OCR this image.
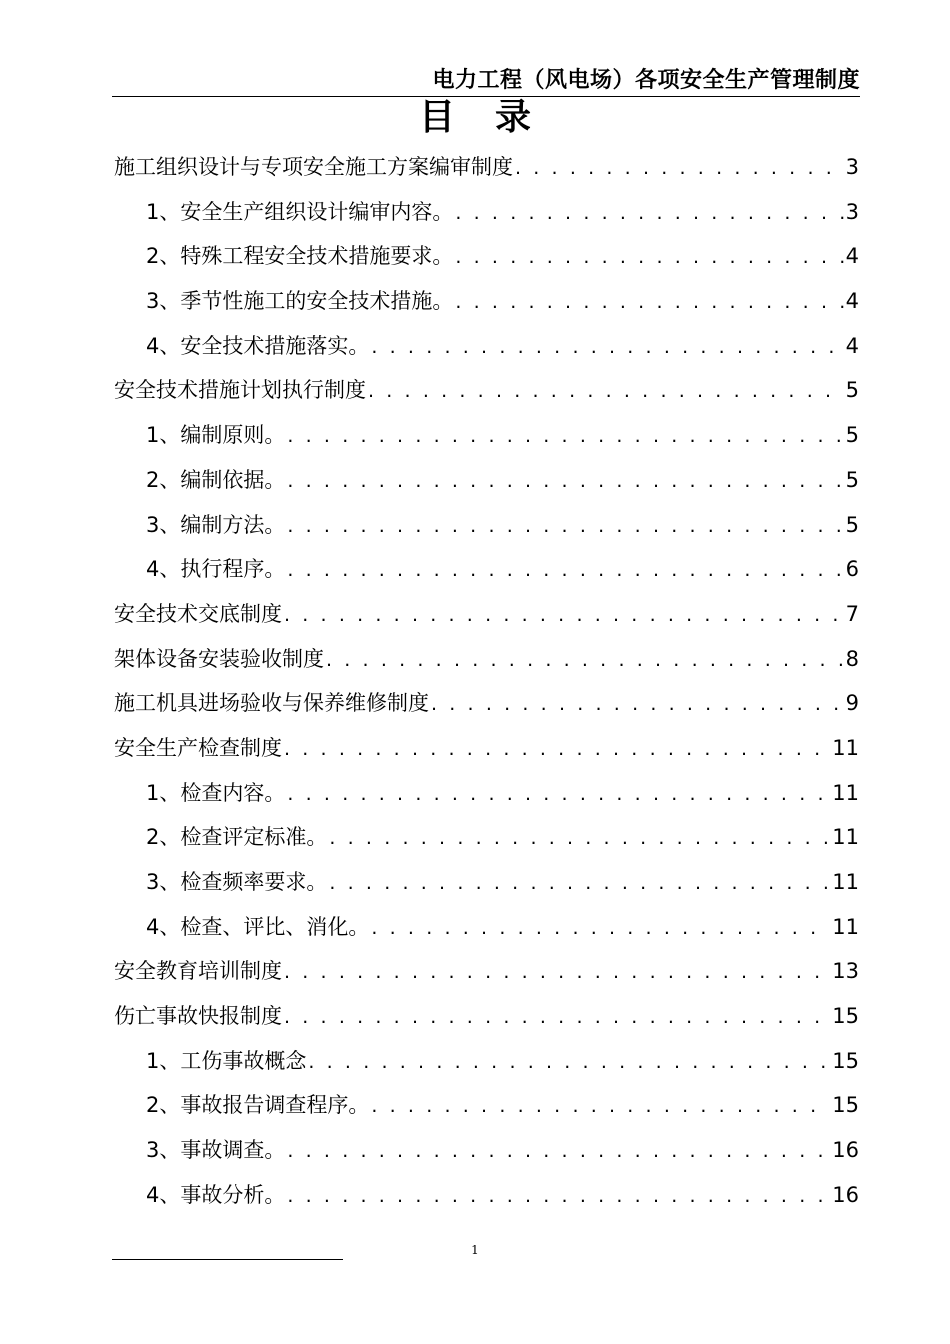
电力工程（风电场）各项安全生产管理制度
目录
施工组织设计与专项安全施工方案编审制度 . . .	3
1、安全生产组织设计编审内容。 . . .	3
2、特殊工程安全技术措施要求。 . . .	4
3、季节性施工的安全技术措施。 . . .	4
4、安全技术措施落实。 . . .	4
安全技术措施计划执行制度 . . .	5
1、编制原则。 . . .	5
2、编制依据。 . . .	5
3、编制方法。 . . .	5
4、执行程序。 . . .	6
安全技术交底制度 . . .	7
架体设备安装验收制度 . . .	8
施工机具进场验收与保养维修制度 . . .	9
安全生产检查制度 . . .	11
1、检查内容。 . . .	11
2、检查评定标准。 . . .	11
3、检查频率要求。 . . .	11
4、检查、评比、消化。 . . .	11
安全教育培训制度 . . .	13
伤亡事故快报制度 . . .	15
1、工伤事故概念 . . .	15
2、事故报告调查程序。 . . .	15
3、事故调查。 . . .	16
4、事故分析。 . . .	16
1
